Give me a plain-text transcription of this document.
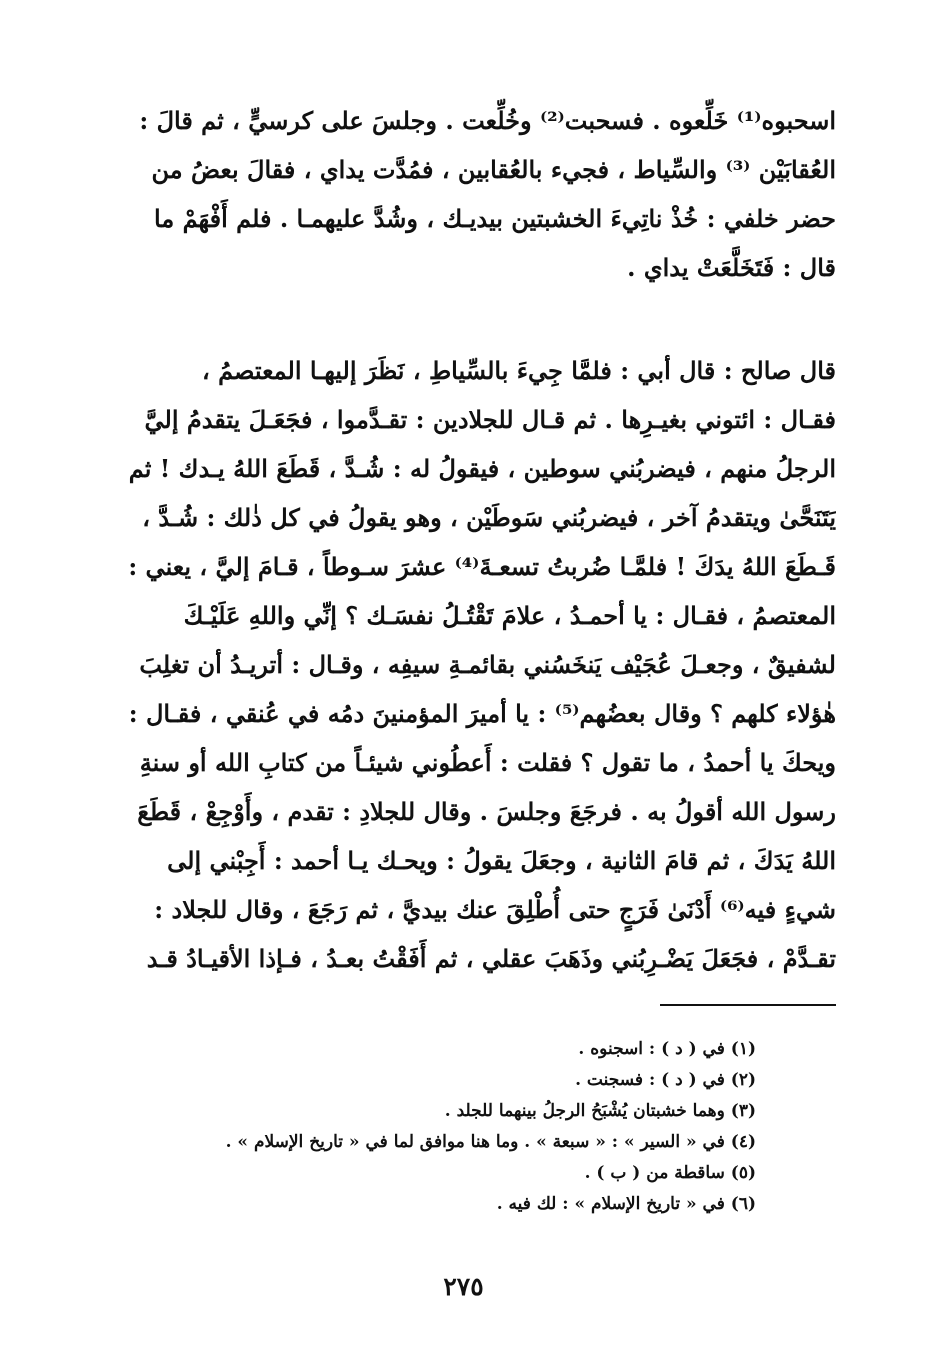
اسحبوه⁽¹⁾ خَلِّعوه . فسحبت⁽²⁾ وخُلِّعت . وجلسَ على كرسيٍّ ، ثم قالَ :
العُقابَيْن ⁽³⁾ والسِّياط ، فجيء بالعُقابين ، فمُدَّت يداي ، فقالَ بعضُ من
حضر خلفي : خُذْ ناتِيءَ الخشبتين بيديـك ، وشُدَّ عليهمـا . فلم أَفْهَمْ ما
قال : فَتَخَلَّعَتْ يداي .
قال صالح : قال أبي : فلمَّا جِيءَ بالسِّياطِ ، نَظَرَ إليهـا المعتصمُ ،
فقـال : ائتوني بغيـرِها . ثم قـال للجلادين : تقـدَّموا ، فجَعَـلَ يتقدمُ إليَّ
الرجلُ منهم ، فيضربُني سوطين ، فيقولُ له : شُـدَّ ، قَطَعَ اللهُ يـدك ! ثم
يَتَنَحَّىٰ ويتقدمُ آخر ، فيضربُني سَوطَيْن ، وهو يقولُ في كل ذٰلك : شُـدَّ ،
قَـطَعَ اللهُ يدَكَ ! فلمَّـا ضُربتُ تسعـةَ⁽⁴⁾ عشرَ سـوطاً ، قـامَ إليَّ ، يعني :
المعتصمُ ، فقـال : يا أحمـدُ ، علامَ تَقْتُـلُ نفسَـك ؟ إنِّي واللهِ عَلَيْـكَ
لشفيقٌ ، وجعـلَ عُجَيْف يَنخَسُني بقائمـةِ سيفِه ، وقـال : أتريـدُ أن تغلِبَ
هٰؤلاء كلهم ؟ وقال بعضُهم⁽⁵⁾ : يا أميرَ المؤمنينَ دمُه في عُنقي ، فقـال :
ويحكَ يا أحمدُ ، ما تقول ؟ فقلت : أَعطُوني شيئـاً من كتابِ الله أو سنةِ
رسول الله أقولُ به . فرجَعَ وجلسَ . وقال للجلادِ : تقدم ، وأَوْجِعْ ، قَطَعَ
اللهُ يَدَكَ ، ثم قامَ الثانية ، وجعَلَ يقولُ : ويحـك يـا أحمد : أَجِبْني إلى
شيءٍ فيه⁽⁶⁾ أَدْنَىٰ فَرَجٍ حتى أُطْلِقَ عنك بيديَّ ، ثم رَجَعَ ، وقال للجلاد :
تقـدَّمْ ، فجَعَلَ يَضْـرِبُني وذَهَبَ عقلي ، ثم أَفَقْتُ بعـدُ ، فـإذا الأقيـادُ قـد
(١) في ( د ) : اسجنوه .
(٢) في ( د ) : فسجنت .
(٣) وهما خشبتان يُشْبَحُ الرجلُ بينهما للجلد .
(٤) في « السير » : « سبعة » . وما هنا موافق لما في « تاريخ الإسلام » .
(٥) ساقطة من ( ب ) .
(٦) في « تاريخ الإسلام » : لك فيه .
٢٧٥
